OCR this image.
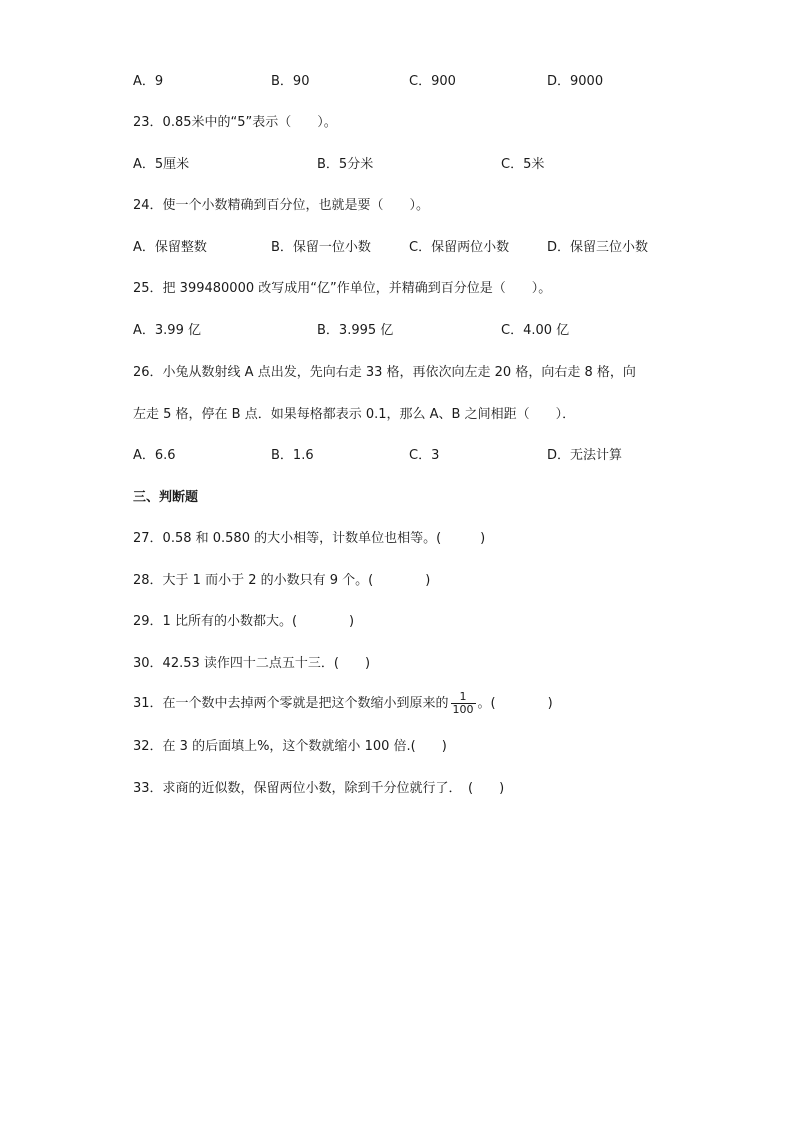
A．9	B．90	C．900	D．9000
23．0.85米中的“5”表示（　　）。
A．5厘米	B．5分米	C．5米
24．使一个小数精确到百分位，也就是要（　　）。
A．保留整数	B．保留一位小数	C．保留两位小数	D．保留三位小数
25．把 399480000 改写成用“亿”作单位，并精确到百分位是（　　）。
A．3.99 亿	B．3.995 亿	C．4.00 亿
26．小兔从数射线 A 点出发，先向右走 33 格，再依次向左走 20 格，向右走 8 格，向
左走 5 格，停在 B 点．如果每格都表示 0.1，那么 A、B 之间相距（　　）．
A．6.6	B．1.6	C．3	D．无法计算
三、判断题
27．0.58 和 0.580 的大小相等，计数单位也相等。(　　　)
28．大于 1 而小于 2 的小数只有 9 个。(　　　　)
29．1 比所有的小数都大。(　　　　)
30．42.53 读作四十二点五十三．(　　)
31．在一个数中去掉两个零就是把这个数缩小到原来的 $\frac{1}{100}$ 。(　　　　)
32．在 3 的后面填上%，这个数就缩小 100 倍.(　　)
33．求商的近似数，保留两位小数，除到千分位就行了．　(　　)
